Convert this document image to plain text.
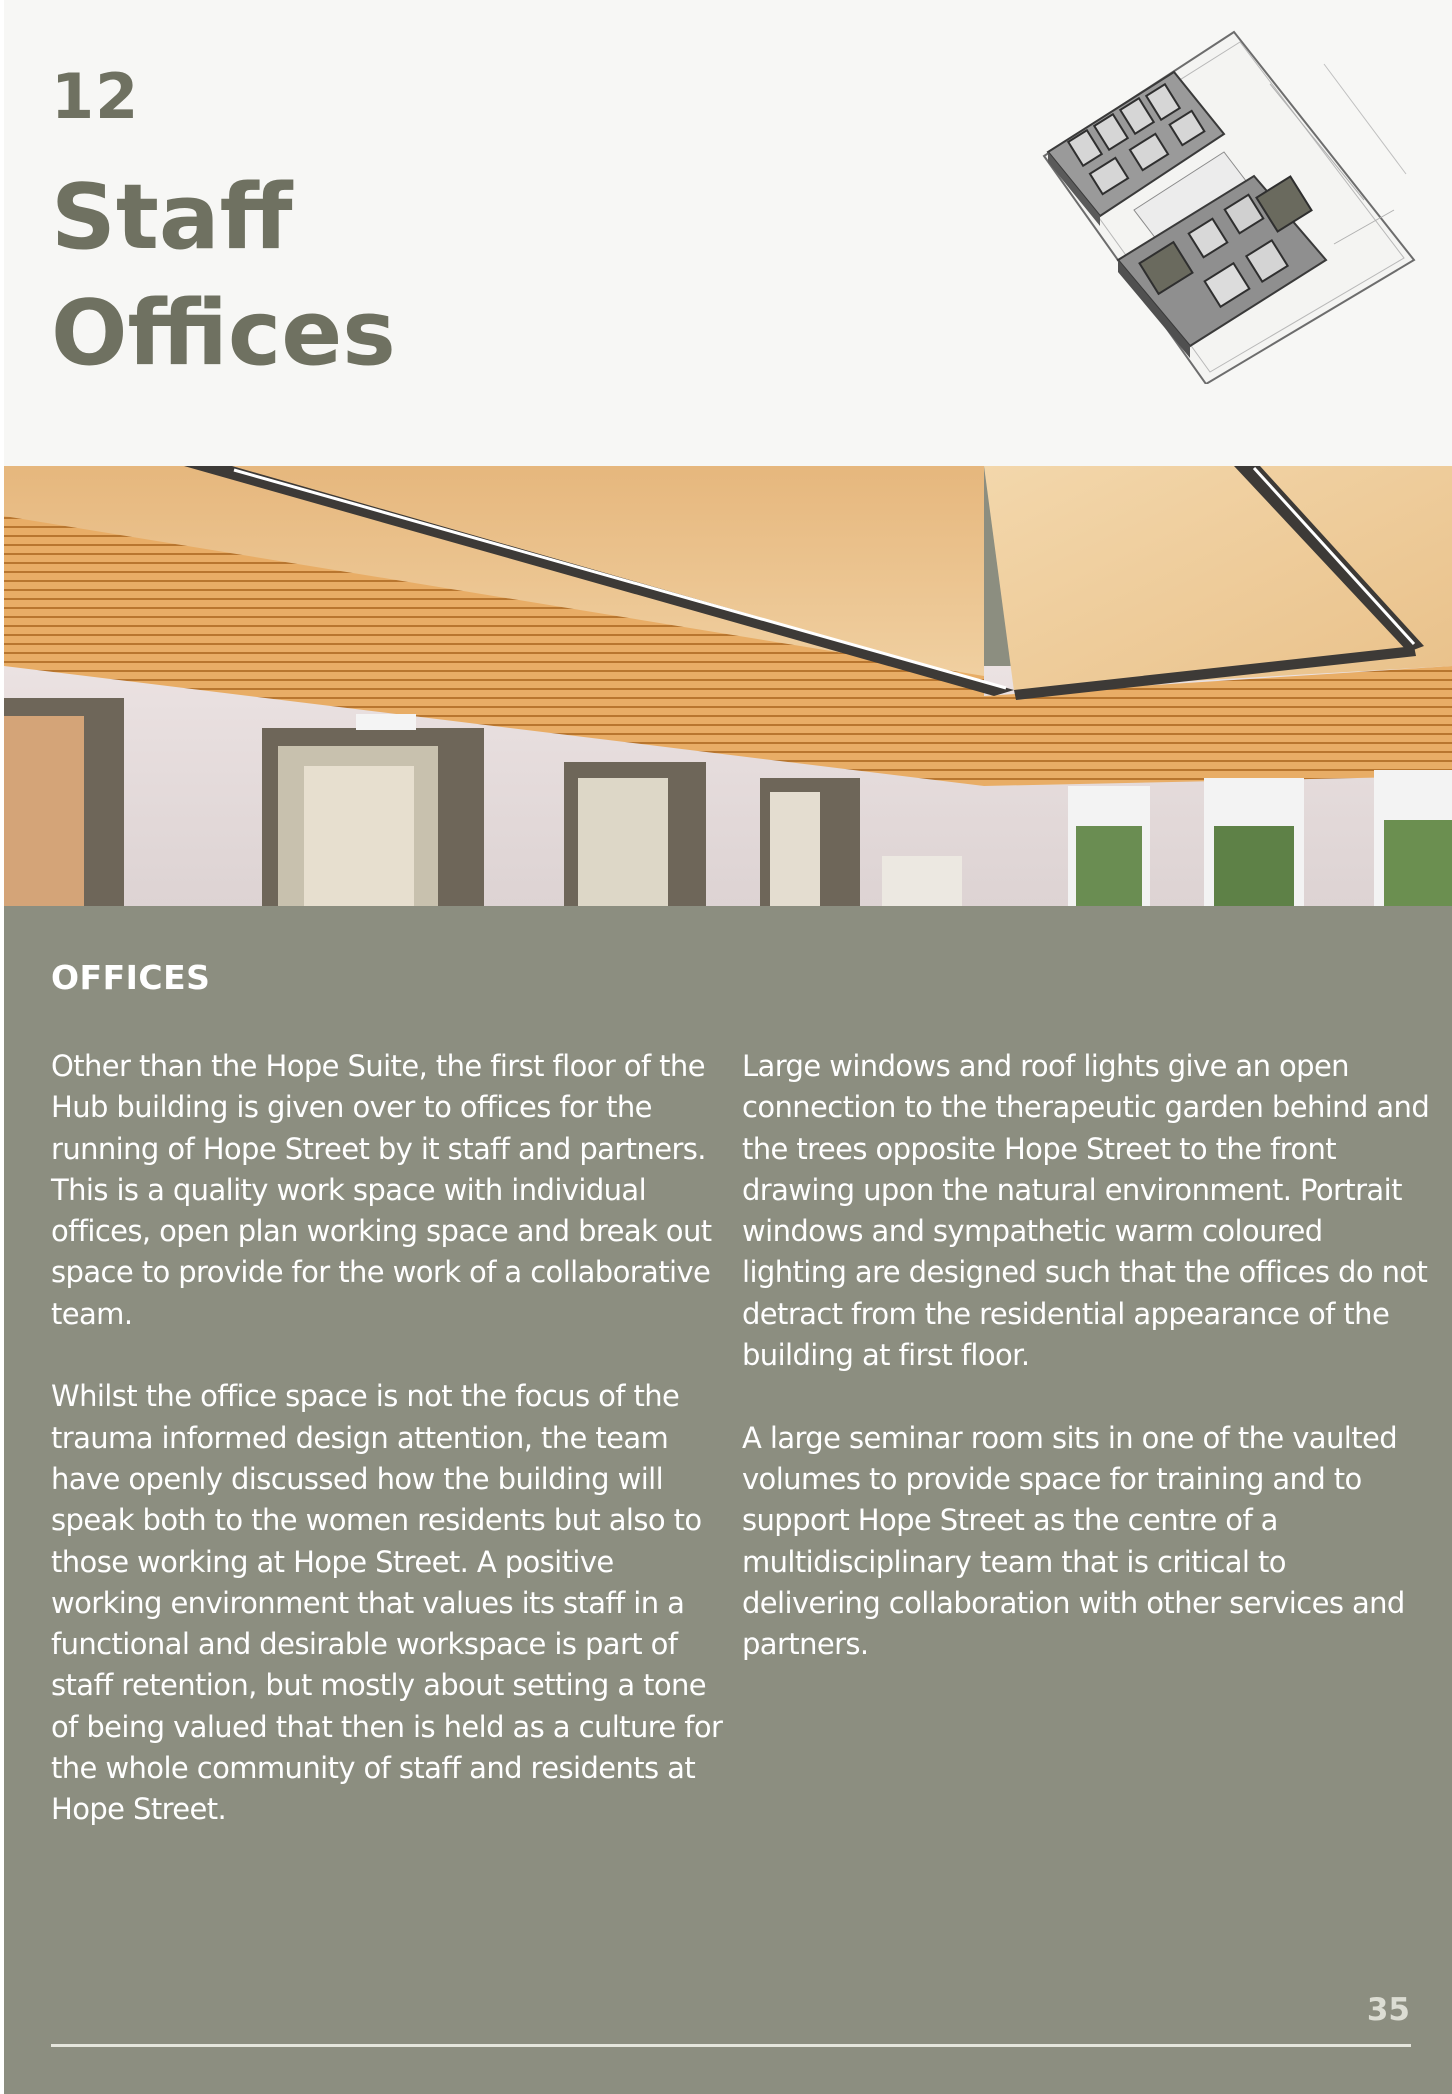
12
Staff
Offices
OFFICES

Other than the Hope Suite, the first floor of the Hub building is given over to offices for the running of Hope Street by it staff and partners. This is a quality work space with individual offices, open plan working space and break out space to provide for the work of a collaborative team.

Whilst the office space is not the focus of the trauma informed design attention, the team have openly discussed how the building will speak both to the women residents but also to those working at Hope Street. A positive working environment that values its staff in a functional and desirable workspace is part of staff retention, but mostly about setting a tone of being valued that then is held as a culture for the whole community of staff and residents at Hope Street.

Large windows and roof lights give an open connection to the therapeutic garden behind and the trees opposite Hope Street to the front drawing upon the natural environment. Portrait windows and sympathetic warm coloured lighting are designed such that the offices do not detract from the residential appearance of the building at first floor.

A large seminar room sits in one of the vaulted volumes to provide space for training and to support Hope Street as the centre of a multidisciplinary team that is critical to delivering collaboration with other services and partners.

35
